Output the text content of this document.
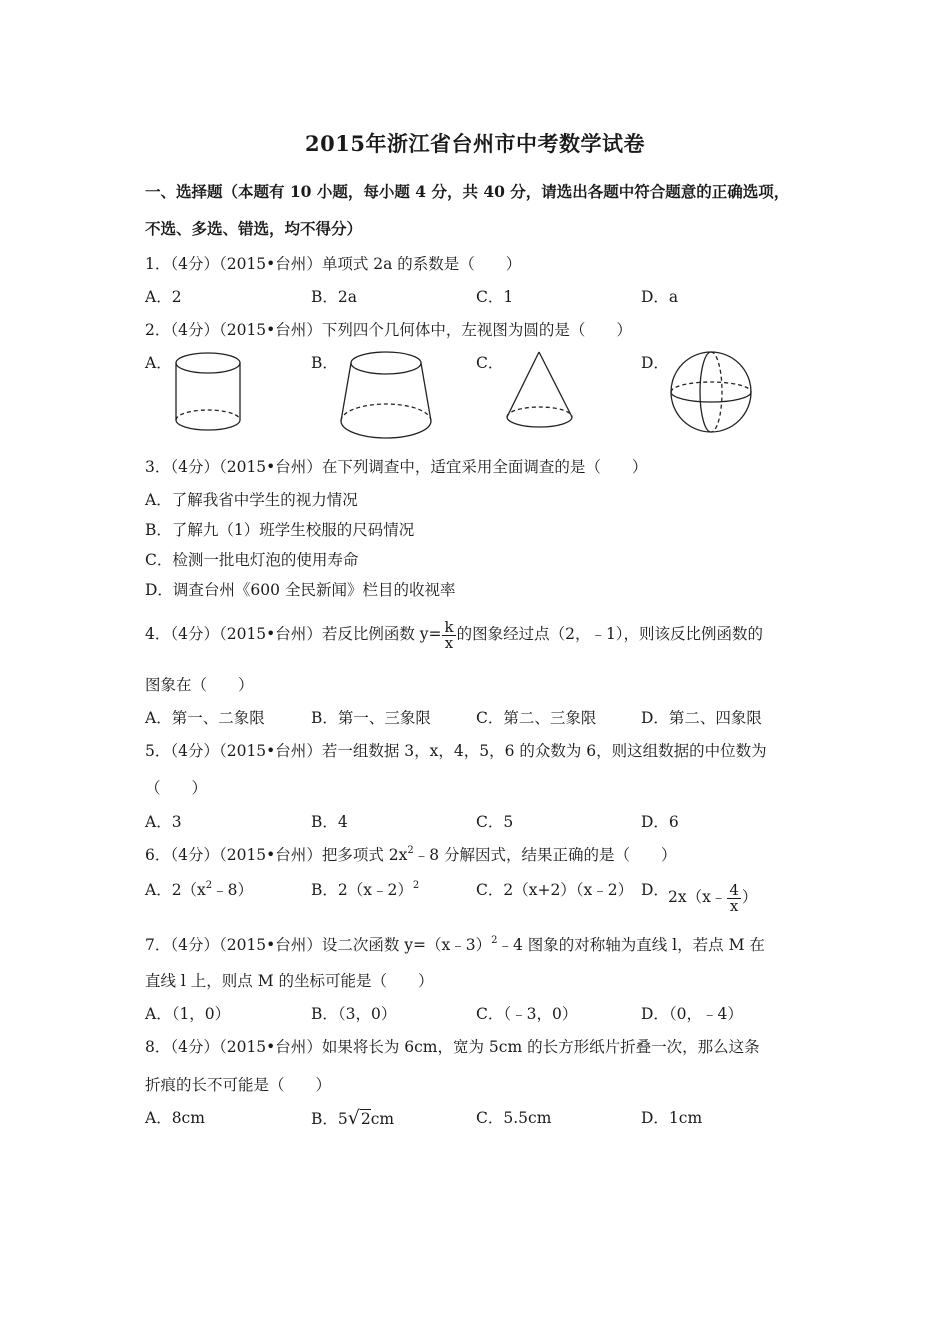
2015年浙江省台州市中考数学试卷
一、选择题（本题有 10 小题，每小题 4 分，共 40 分，请选出各题中符合题意的正确选项，
不选、多选、错选，均不得分）
1．（4分）（2015•台州）单项式 2a 的系数是（　　）
A．2	B．2a	C．1	D．a
2．（4分）（2015•台州）下列四个几何体中，左视图为圆的是（　　）
A．	B．	C．	D．
3．（4分）（2015•台州）在下列调查中，适宜采用全面调查的是（　　）
A．了解我省中学生的视力情况
B．了解九（1）班学生校服的尺码情况
C．检测一批电灯泡的使用寿命
D．调查台州《600 全民新闻》栏目的收视率
4．（4分）（2015•台州）若反比例函数 $y= \frac{k}{x}$ 的图象经过点（2，﹣1），则该反比例函数的
图象在（　　）
A．第一、二象限	B．第一、三象限	C．第二、三象限	D．第二、四象限
5．（4分）（2015•台州）若一组数据 3，x，4，5，6 的众数为 6，则这组数据的中位数为
（　　）
A．3	B．4	C．5	D．6
6．（4分）（2015•台州）把多项式 $2x^2﹣8$ 分解因式，结果正确的是（　　）
A．$2(x^2﹣8)$	B．2（x﹣2）$^2$	C．2（x+2）（x﹣2） D． 2x（x﹣ $\frac{4}{x}$ ）
7．（4分）（2015•台州）设二次函数 y=（x﹣3）$^2$﹣4 图象的对称轴为直线 l，若点 M 在
直线 l 上，则点 M 的坐标可能是（　　）
A．（1，0）	B．（3，0）	C．（﹣3，0）	D．（0，﹣4）
8．（4分）（2015•台州）如果将长为 6cm，宽为 5cm 的长方形纸片折叠一次，那么这条
折痕的长不可能是（　　）
A．8cm	B．5√2cm	C．5.5cm	D．1cm
